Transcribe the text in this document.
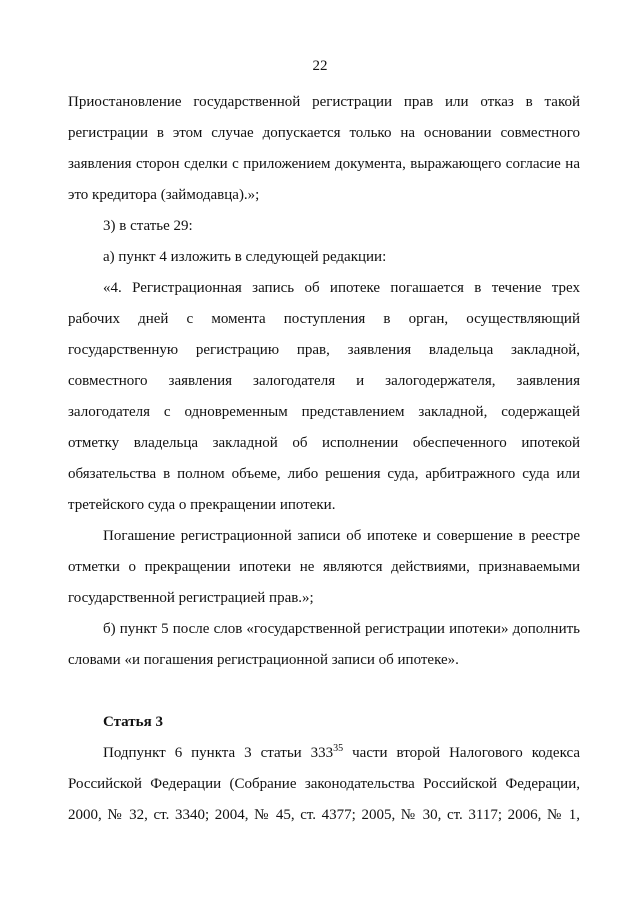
22
Приостановление государственной регистрации прав или отказ в такой
регистрации в этом случае допускается только на основании совместного
заявления сторон сделки с приложением документа, выражающего согласие на
это кредитора (займодавца).»;
3) в статье 29:
а) пункт 4 изложить в следующей редакции:
«4. Регистрационная запись об ипотеке погашается в течение трех
рабочих дней с момента поступления в орган, осуществляющий
государственную регистрацию прав, заявления владельца закладной,
совместного заявления залогодателя и залогодержателя, заявления
залогодателя с одновременным представлением закладной, содержащей
отметку владельца закладной об исполнении обеспеченного ипотекой
обязательства в полном объеме, либо решения суда, арбитражного суда или
третейского суда о прекращении ипотеки.
Погашение регистрационной записи об ипотеке и совершение в реестре
отметки о прекращении ипотеки не являются действиями, признаваемыми
государственной регистрацией прав.»;
б) пункт 5 после слов «государственной регистрации ипотеки» дополнить
словами «и погашения регистрационной записи об ипотеке».
Статья 3
Подпункт 6 пункта 3 статьи $333^{35}$ части второй Налогового кодекса
Российской Федерации (Собрание законодательства Российской Федерации,
2000, № 32, ст. 3340; 2004, № 45, ст. 4377; 2005, № 30, ст. 3117; 2006, № 1,
